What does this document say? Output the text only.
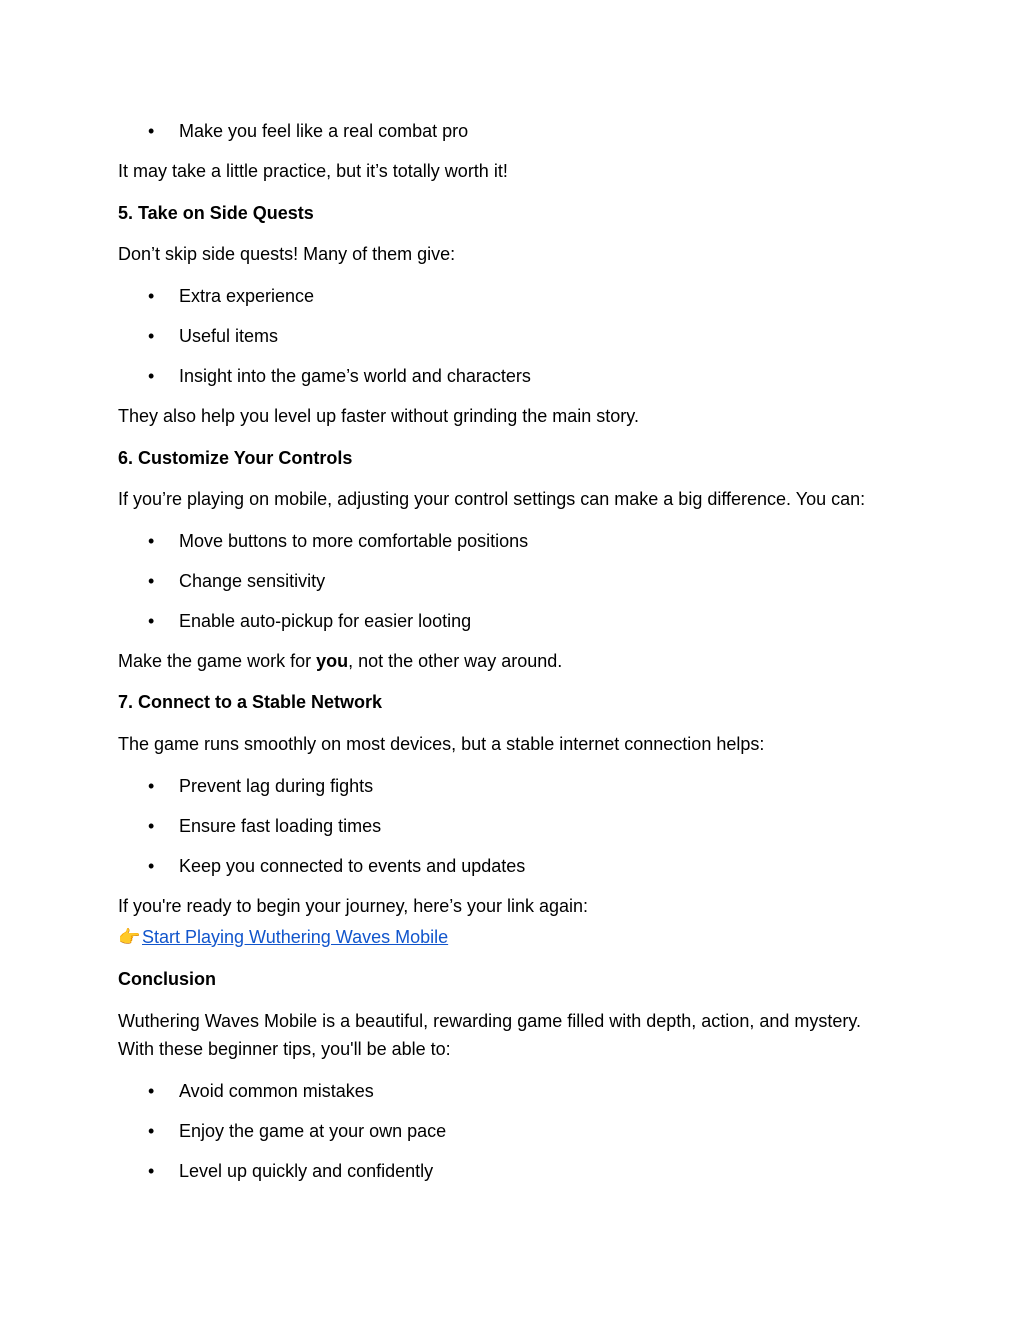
• Make you feel like a real combat pro
It may take a little practice, but it’s totally worth it!
5. Take on Side Quests
Don’t skip side quests! Many of them give:
• Extra experience
• Useful items
• Insight into the game’s world and characters
They also help you level up faster without grinding the main story.
6. Customize Your Controls
If you’re playing on mobile, adjusting your control settings can make a big difference. You can:
• Move buttons to more comfortable positions
• Change sensitivity
• Enable auto-pickup for easier looting
Make the game work for you, not the other way around.
7. Connect to a Stable Network
The game runs smoothly on most devices, but a stable internet connection helps:
• Prevent lag during fights
• Ensure fast loading times
• Keep you connected to events and updates
If you're ready to begin your journey, here’s your link again:
👉Start Playing Wuthering Waves Mobile
Conclusion
Wuthering Waves Mobile is a beautiful, rewarding game filled with depth, action, and mystery.
With these beginner tips, you'll be able to:
• Avoid common mistakes
• Enjoy the game at your own pace
• Level up quickly and confidently
